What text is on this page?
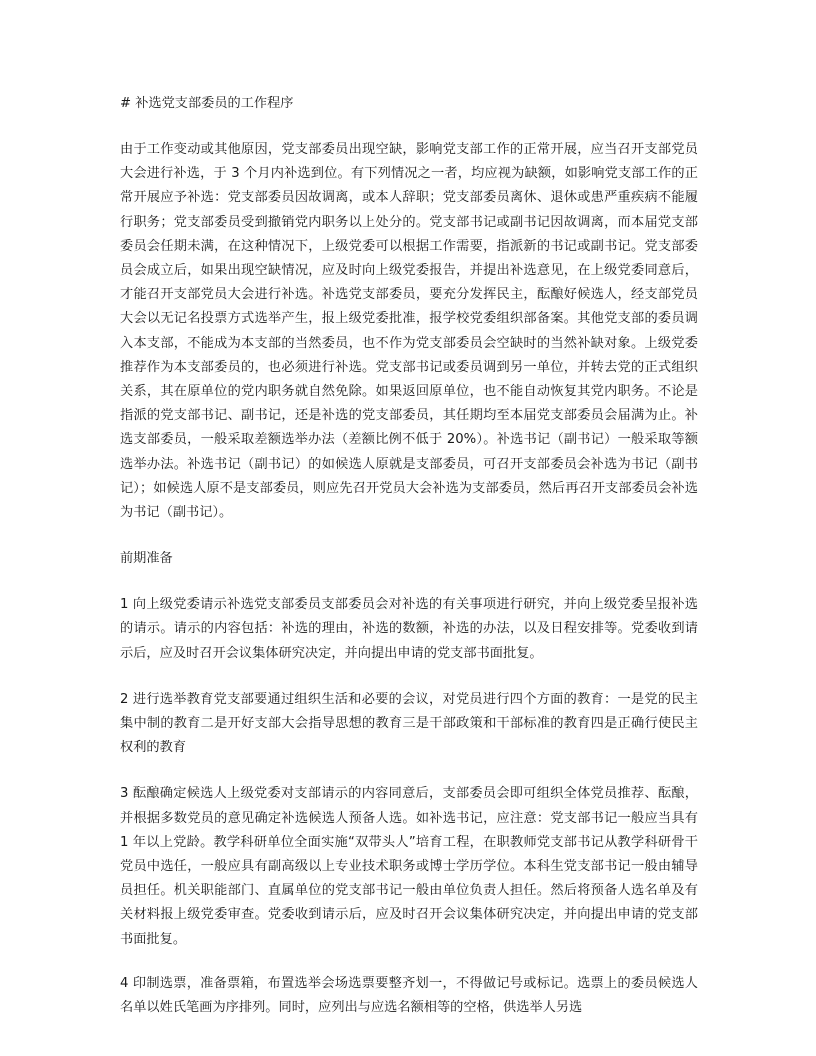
# 补选党支部委员的工作程序

由于工作变动或其他原因，党支部委员出现空缺，影响党支部工作的正常开展，应当召开支部党员大会进行补选，于 3 个月内补选到位。有下列情况之一者，均应视为缺额，如影响党支部工作的正常开展应予补选：党支部委员因故调离，或本人辞职；党支部委员离休、退休或患严重疾病不能履行职务；党支部委员受到撤销党内职务以上处分的。党支部书记或副书记因故调离，而本届党支部委员会任期未满，在这种情况下，上级党委可以根据工作需要，指派新的书记或副书记。党支部委员会成立后，如果出现空缺情况，应及时向上级党委报告，并提出补选意见，在上级党委同意后，才能召开支部党员大会进行补选。补选党支部委员，要充分发挥民主，酝酿好候选人，经支部党员大会以无记名投票方式选举产生，报上级党委批准，报学校党委组织部备案。其他党支部的委员调入本支部，不能成为本支部的当然委员，也不作为党支部委员会空缺时的当然补缺对象。上级党委推荐作为本支部委员的，也必须进行补选。党支部书记或委员调到另一单位，并转去党的正式组织关系，其在原单位的党内职务就自然免除。如果返回原单位，也不能自动恢复其党内职务。不论是指派的党支部书记、副书记，还是补选的党支部委员，其任期均至本届党支部委员会届满为止。补选支部委员，一般采取差额选举办法（差额比例不低于 20%）。补选书记（副书记）一般采取等额选举办法。补选书记（副书记）的如候选人原就是支部委员，可召开支部委员会补选为书记（副书记）；如候选人原不是支部委员，则应先召开党员大会补选为支部委员，然后再召开支部委员会补选为书记（副书记）。

前期准备

1 向上级党委请示补选党支部委员支部委员会对补选的有关事项进行研究，并向上级党委呈报补选的请示。请示的内容包括：补选的理由，补选的数额，补选的办法，以及日程安排等。党委收到请示后，应及时召开会议集体研究决定，并向提出申请的党支部书面批复。

2 进行选举教育党支部要通过组织生活和必要的会议，对党员进行四个方面的教育：一是党的民主集中制的教育二是开好支部大会指导思想的教育三是干部政策和干部标准的教育四是正确行使民主权利的教育

3 酝酿确定候选人上级党委对支部请示的内容同意后，支部委员会即可组织全体党员推荐、酝酿，并根据多数党员的意见确定补选候选人预备人选。如补选书记，应注意：党支部书记一般应当具有 1 年以上党龄。教学科研单位全面实施“双带头人”培育工程，在职教师党支部书记从教学科研骨干党员中选任，一般应具有副高级以上专业技术职务或博士学历学位。本科生党支部书记一般由辅导员担任。机关职能部门、直属单位的党支部书记一般由单位负责人担任。然后将预备人选名单及有关材料报上级党委审查。党委收到请示后，应及时召开会议集体研究决定，并向提出申请的党支部书面批复。

4 印制选票，准备票箱，布置选举会场选票要整齐划一，不得做记号或标记。选票上的委员候选人名单以姓氏笔画为序排列。同时，应列出与应选名额相等的空格，供选举人另选
